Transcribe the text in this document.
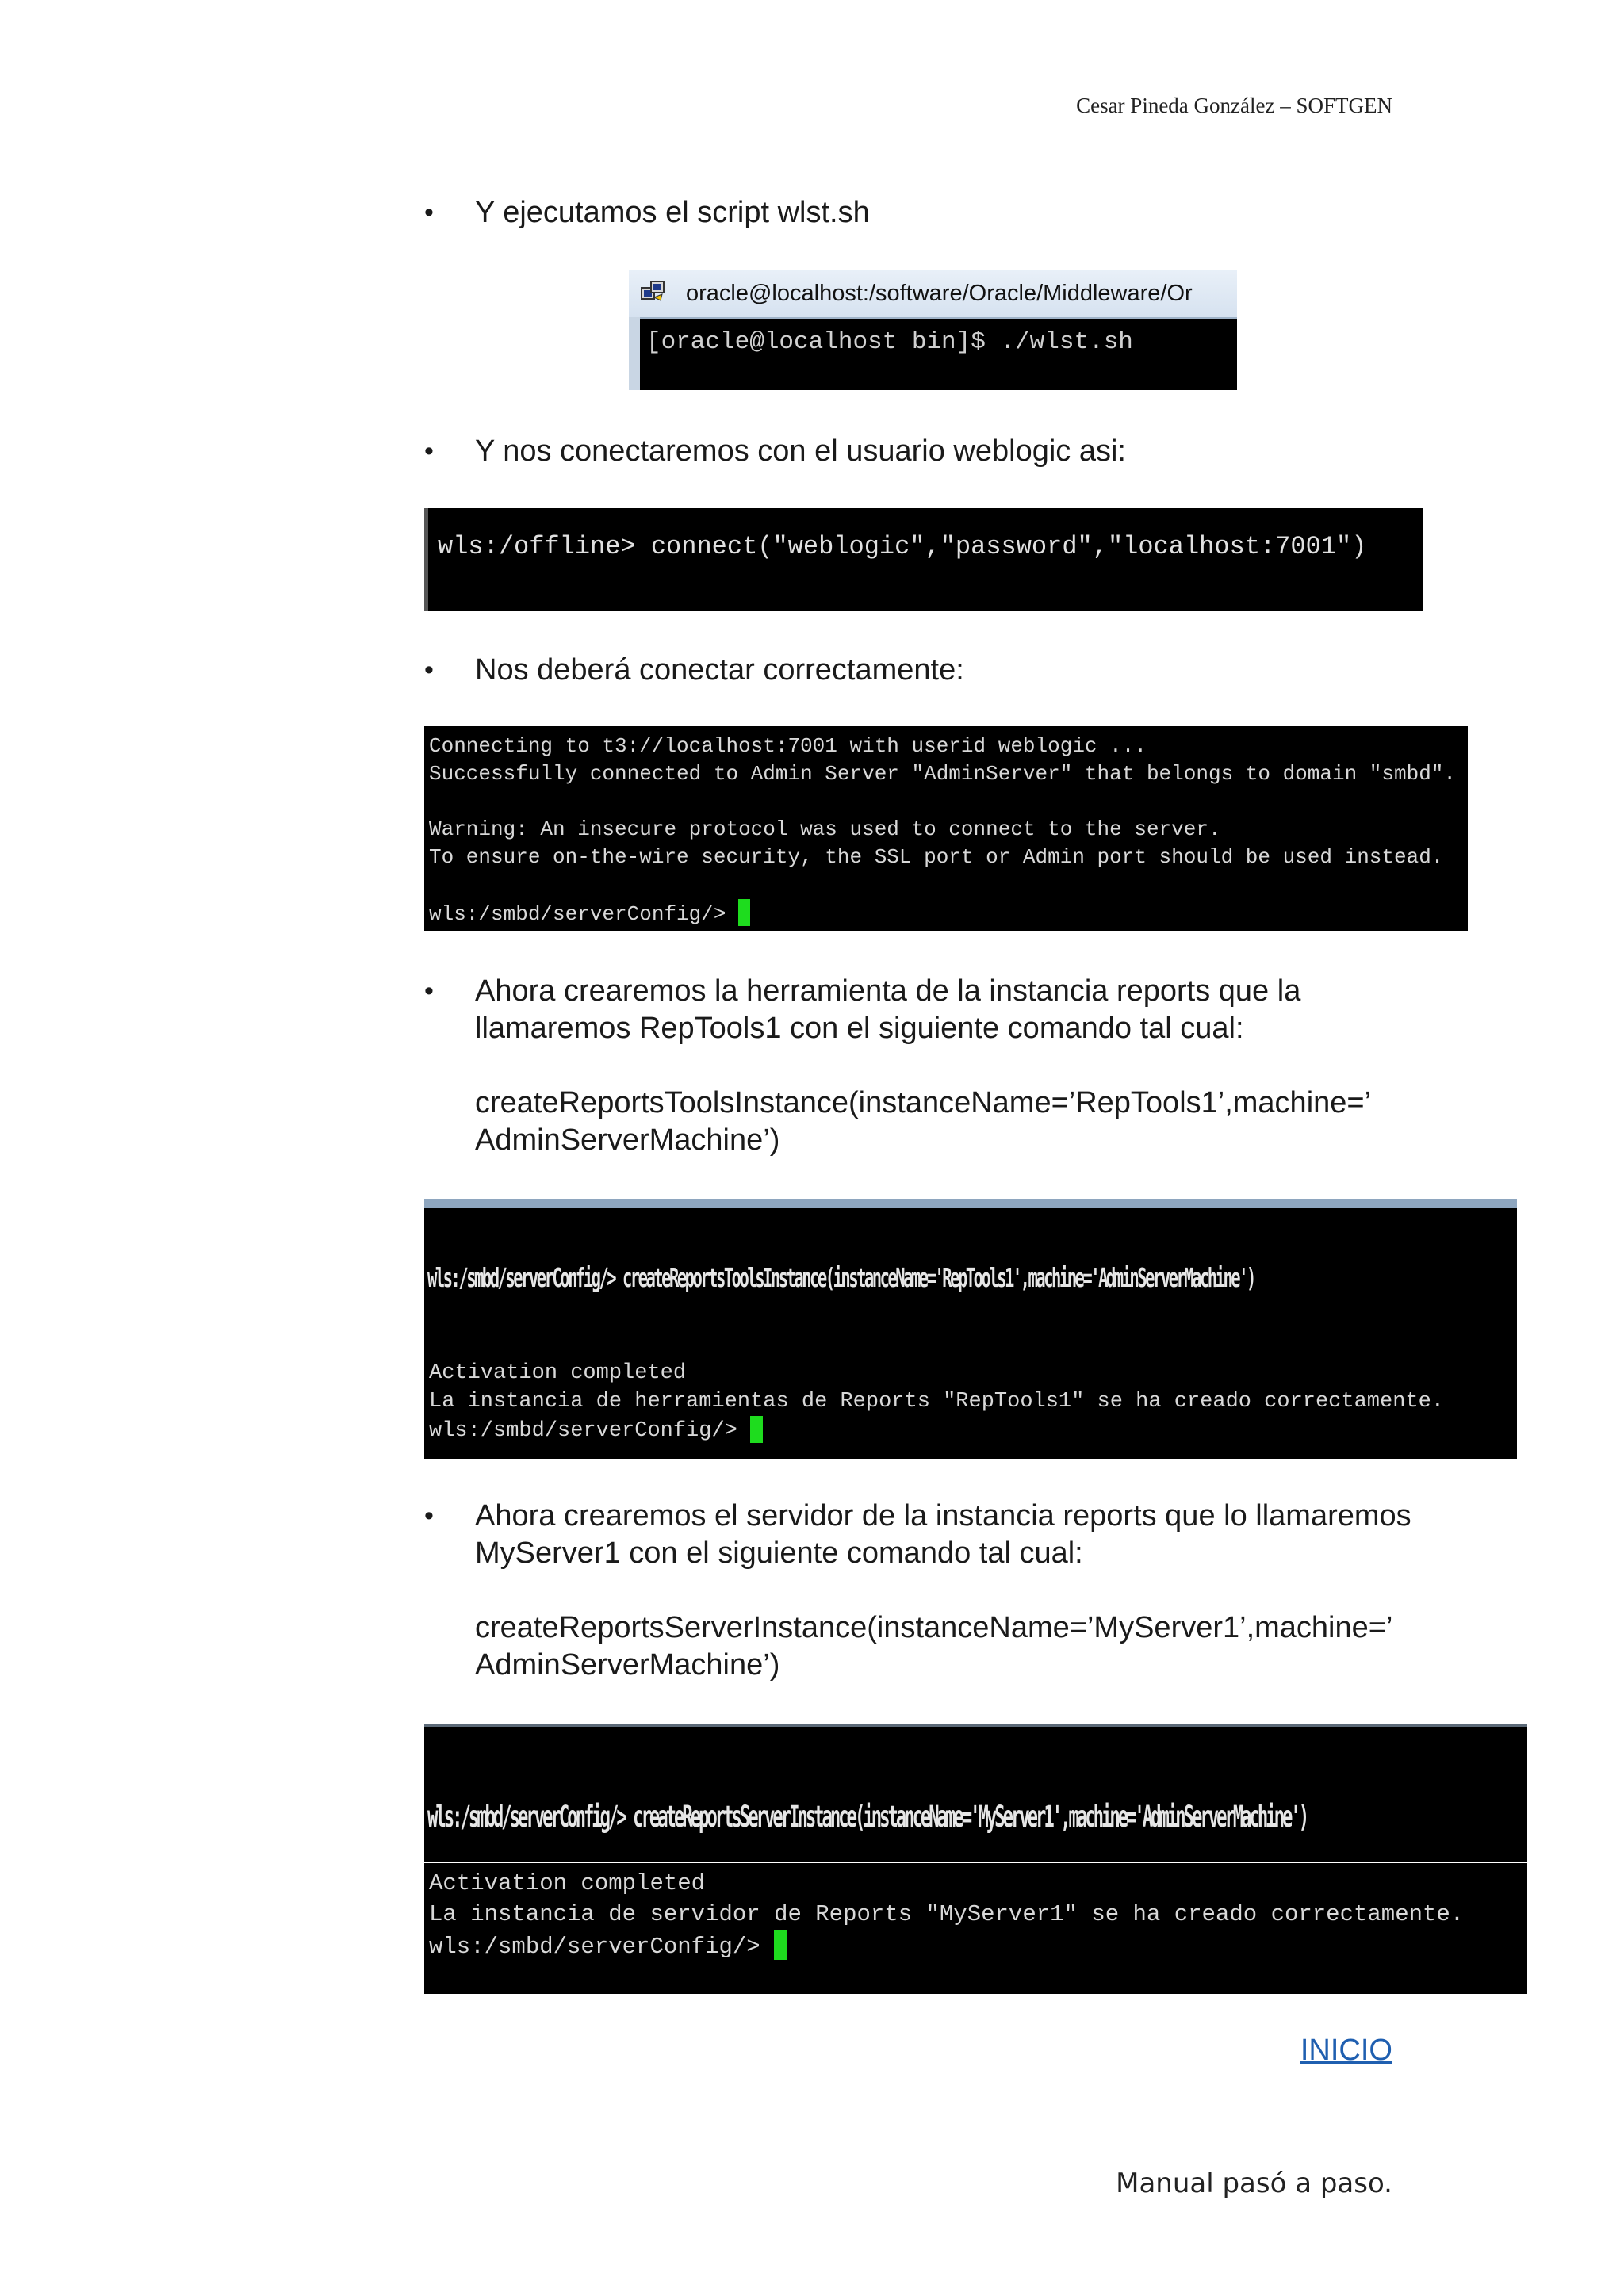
Cesar Pineda González – SOFTGEN
•	Y ejecutamos el script wlst.sh

oracle@localhost:/software/Oracle/Middleware/Or
[oracle@localhost bin]$ ./wlst.sh
•	Y nos conectaremos con el usuario weblogic asi:

wls:/offline> connect("weblogic","password","localhost:7001")
•	Nos deberá conectar correctamente:

Connecting to t3://localhost:7001 with userid weblogic ...
Successfully connected to Admin Server "AdminServer" that belongs to domain "smbd".
Warning: An insecure protocol was used to connect to the server.
To ensure on-the-wire security, the SSL port or Admin port should be used instead.
wls:/smbd/serverConfig/>
•	Ahora crearemos la herramienta de la instancia reports que la llamaremos RepTools1 con el siguiente comando tal cual:

createReportsToolsInstance(instanceName=’RepTools1’,machine=’ AdminServerMachine’)

wls:/smbd/serverConfig/> createReportsToolsInstance(instanceName='RepTools1',machine='AdminServerMachine')
Activation completed
La instancia de herramientas de Reports "RepTools1" se ha creado correctamente.
wls:/smbd/serverConfig/>
•	Ahora crearemos el servidor de la instancia reports que lo llamaremos MyServer1 con el siguiente comando tal cual:

createReportsServerInstance(instanceName=’MyServer1’,machine=’ AdminServerMachine’)

wls:/smbd/serverConfig/> createReportsServerInstance(instanceName='MyServer1',machine='AdminServerMachine')
Activation completed
La instancia de servidor de Reports "MyServer1" se ha creado correctamente.
wls:/smbd/serverConfig/>
INICIO
Manual pasó a paso.
